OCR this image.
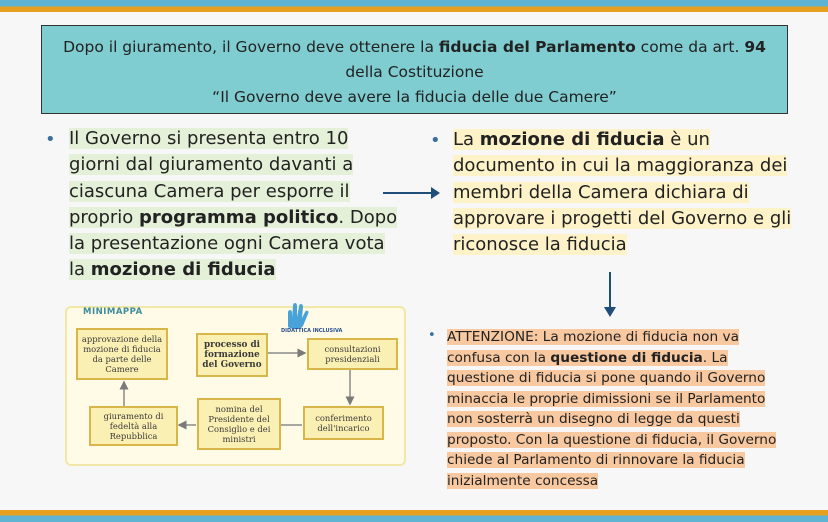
Dopo il giuramento, il Governo deve ottenere la fiducia del Parlamento come da art. 94
della Costituzione
“Il Governo deve avere la fiducia delle due Camere”
• Il Governo si presenta entro 10 giorni dal giuramento davanti a ciascuna Camera per esporre il proprio programma politico. Dopo la presentazione ogni Camera vota la mozione di fiducia
• La mozione di fiducia è un documento in cui la maggioranza dei membri della Camera dichiara di approvare i progetti del Governo e gli riconosce la fiducia
• ATTENZIONE: La mozione di fiducia non va confusa con la questione di fiducia. La questione di fiducia si pone quando il Governo minaccia le proprie dimissioni se il Parlamento non sosterrà un disegno di legge da questi proposto. Con la questione di fiducia, il Governo chiede al Parlamento di rinnovare la fiducia inizialmente concessa
MINIMAPPA
DIDATTICA INCLUSIVA
approvazione della mozione di fiducia da parte delle Camere
processo di formazione del Governo
consultazioni presidenziali
giuramento di fedeltà alla Repubblica
nomina del Presidente del Consiglio e dei ministri
conferimento dell'incarico
